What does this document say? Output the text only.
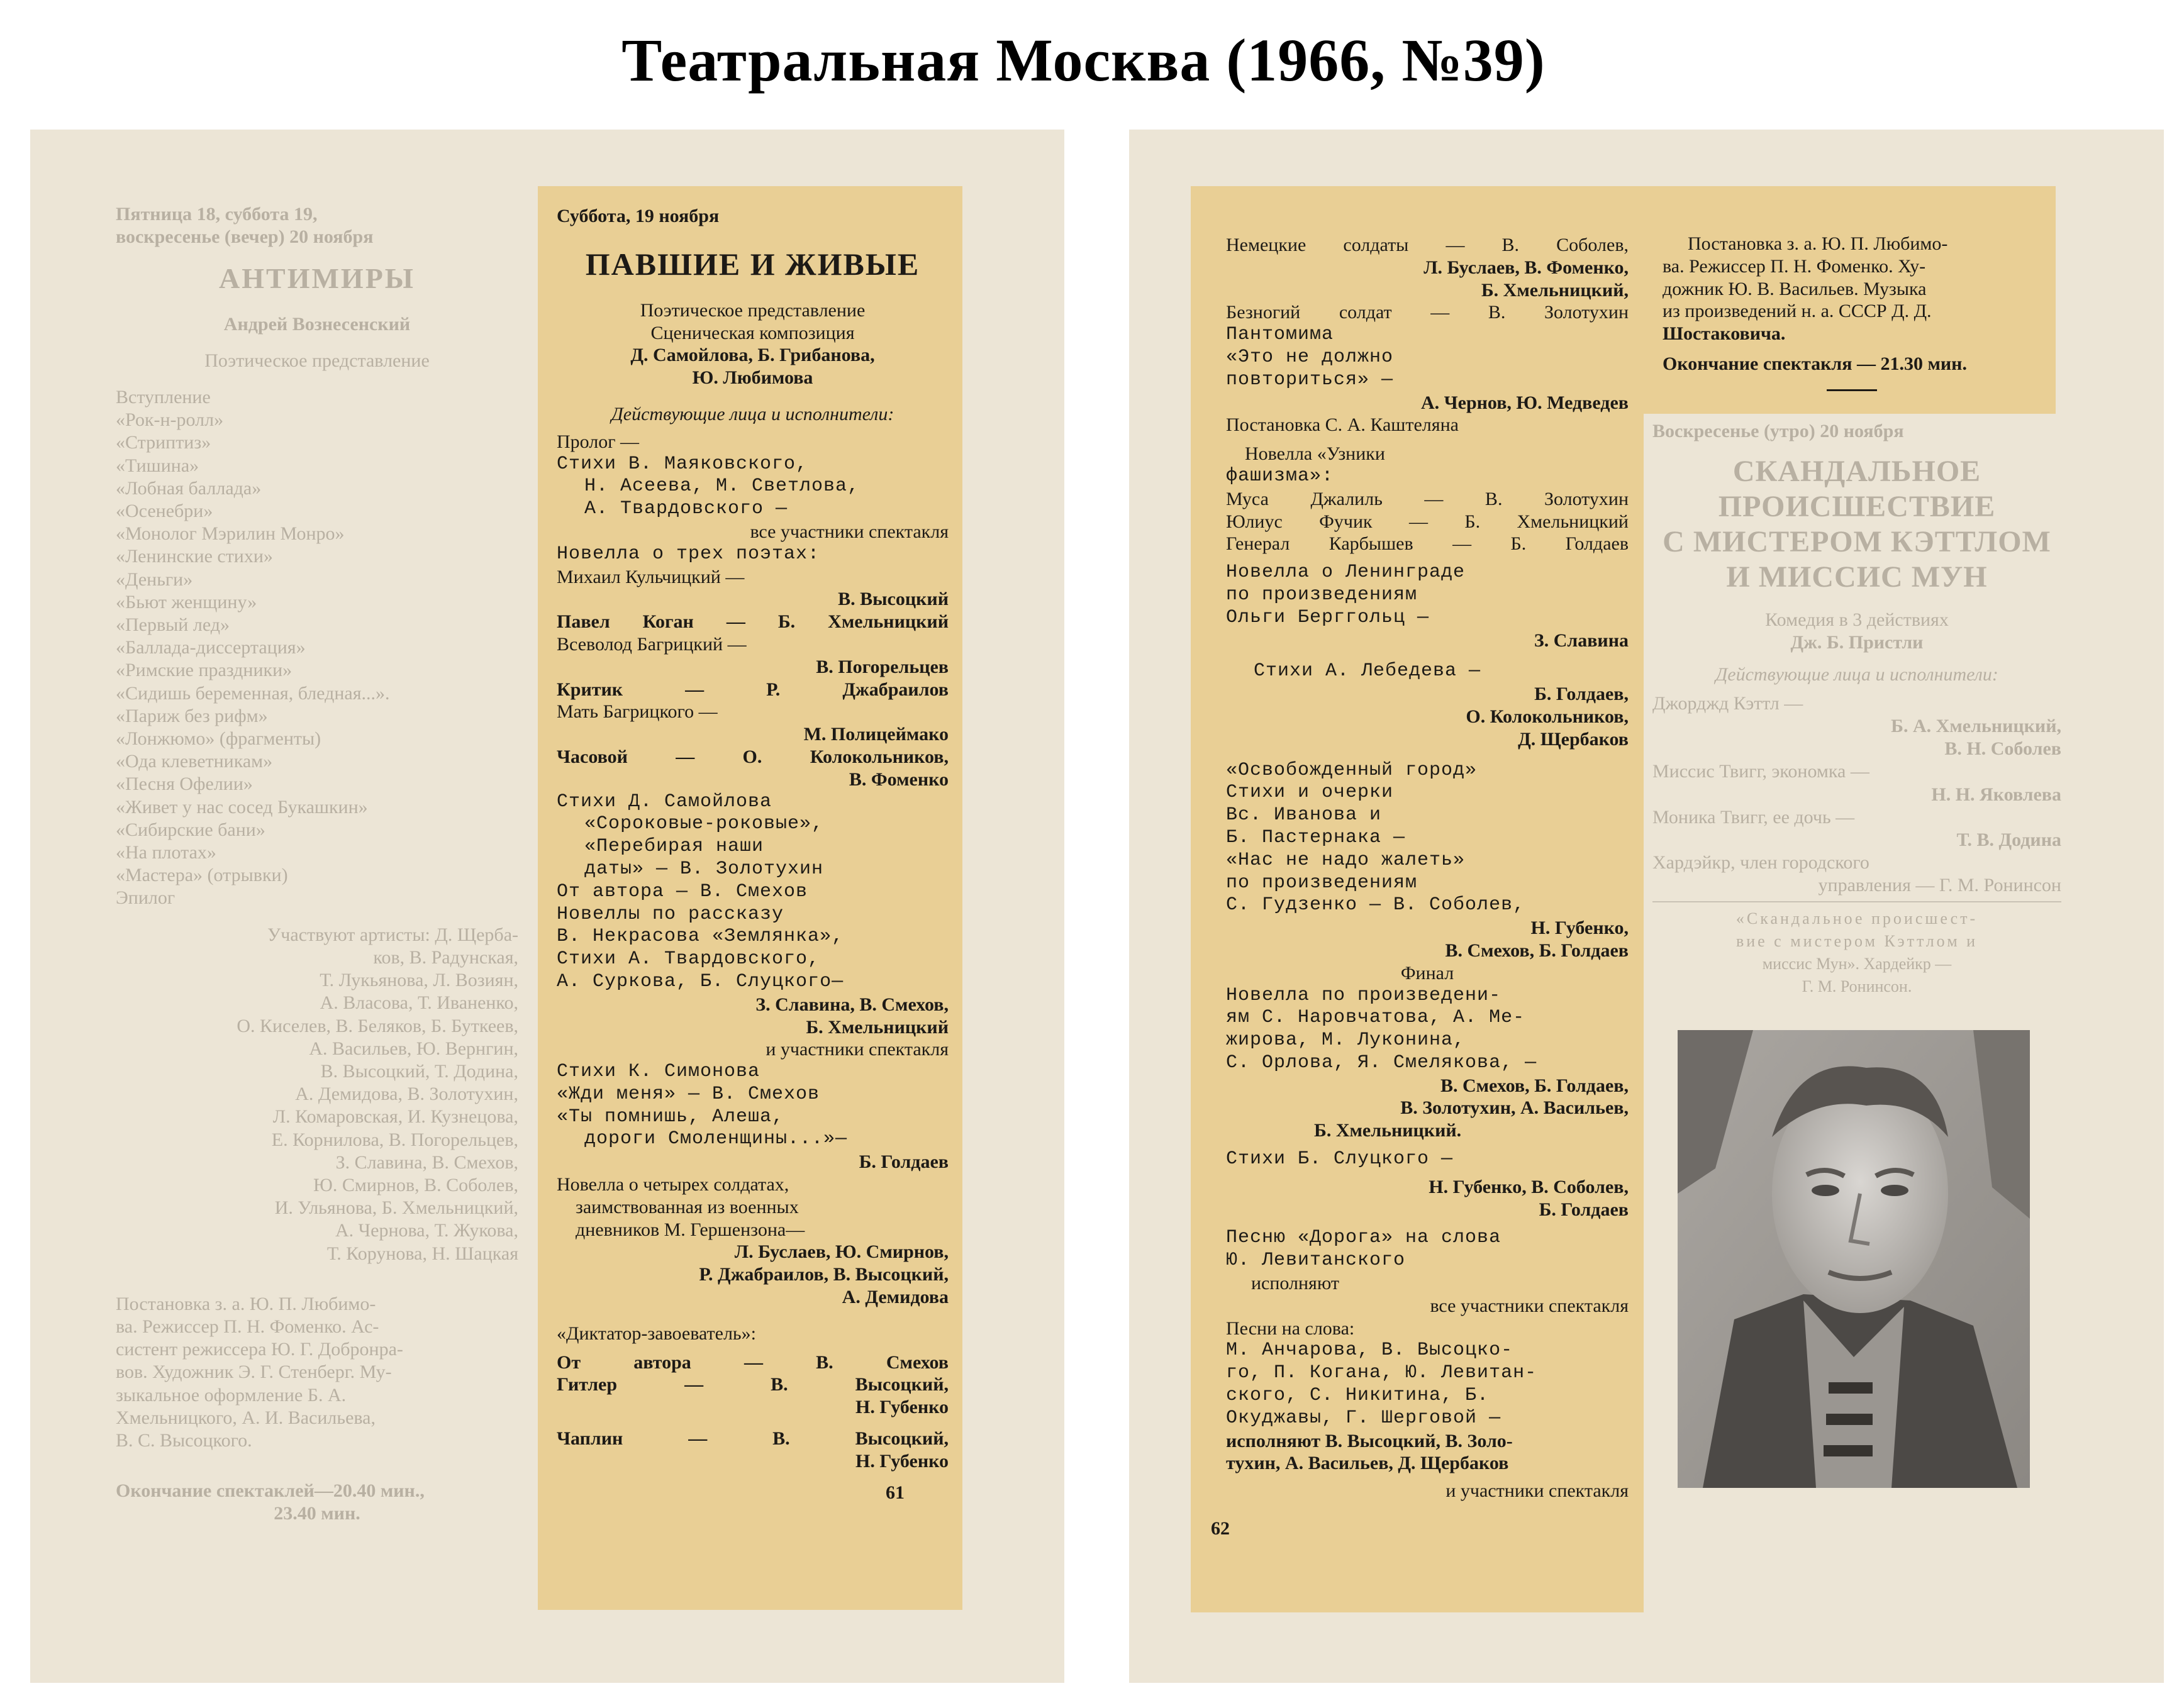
Театральная Москва (1966, №39)
Пятница 18, суббота 19,
воскресенье (вечер) 20 ноября
АНТИМИРЫ
Андрей Вознесенский
Поэтическое представление
Вступление
«Рок-н-ролл»
«Стриптиз»
«Тишина»
«Лобная баллада»
«Осенебри»
«Монолог Мэрилин Монро»
«Ленинские стихи»
«Деньги»
«Бьют женщину»
«Первый лед»
«Баллада-диссертация»
«Римские праздники»
«Сидишь беременная, бледная...».
«Париж без рифм»
«Лонжюмо» (фрагменты)
«Ода клеветникам»
«Песня Офелии»
«Живет у нас сосед Букашкин»
«Сибирские бани»
«На плотах»
«Мастера» (отрывки)
Эпилог
Участвуют артисты: Д. Щерба-
ков, В. Радунская,
Т. Лукьянова, Л. Возиян,
А. Власова, Т. Иваненко,
О. Киселев, В. Беляков, Б. Буткеев,
А. Васильев, Ю. Вернгин,
В. Высоцкий, Т. Додина,
А. Демидова, В. Золотухин,
Л. Комаровская, И. Кузнецова,
Е. Корнилова, В. Погорельцев,
З. Славина, В. Смехов,
Ю. Смирнов, В. Соболев,
И. Ульянова, Б. Хмельницкий,
А. Чернова, Т. Жукова,
Т. Корунова, Н. Шацкая
Постановка з. а. Ю. П. Любимо-
ва. Режиссер П. Н. Фоменко. Ас-
систент режиссера Ю. Г. Добронра-
вов. Художник Э. Г. Стенберг. Му-
зыкальное оформление Б. А.
Хмельницкого, А. И. Васильева,
В. С. Высоцкого.
Окончание спектаклей—20.40 мин.,
23.40 мин.
Суббота, 19 ноября
ПАВШИЕ И ЖИВЫЕ
Поэтическое представление
Сценическая композиция
Д. Самойлова, Б. Грибанова,
Ю. Любимова
Действующие лица и исполнители:
Пролог —
Стихи В. Маяковского,
Н. Асеева, М. Светлова,
А. Твардовского —
все участники спектакля
Новелла о трех поэтах:
Михаил Кульчицкий —
В. Высоцкий
Павел Коган — Б. Хмельницкий
Всеволод Багрицкий —
В. Погорельцев
Критик — Р. Джабраилов
Мать Багрицкого —
М. Полицеймако
Часовой — О. Колокольников,
В. Фоменко
Стихи Д. Самойлова
«Сороковые-роковые»,
«Перебирая наши
даты» — В. Золотухин
От автора — В. Смехов
Новеллы по рассказу
В. Некрасова «Землянка»,
Стихи А. Твардовского,
А. Суркова, Б. Слуцкого—
З. Славина, В. Смехов,
Б. Хмельницкий
и участники спектакля
Стихи К. Симонова
«Жди меня» — В. Смехов
«Ты помнишь, Алеша,
дороги Смоленщины...»—
Б. Голдаев
Новелла о четырех солдатах,
заимствованная из военных
дневников М. Гершензона—
Л. Буслаев, Ю. Смирнов,
Р. Джабраилов, В. Высоцкий,
А. Демидова
«Диктатор-завоеватель»:
От автора — В. Смехов
Гитлер — В. Высоцкий,
Н. Губенко
Чаплин — В. Высоцкий,
Н. Губенко
61
Немецкие солдаты — В. Соболев,
Л. Буслаев, В. Фоменко,
Б. Хмельницкий,
Безногий солдат — В. Золотухин
Пантомима
«Это не должно
повториться» —
А. Чернов, Ю. Медведев
Постановка С. А. Каштеляна
Новелла «Узники
фашизма»:
Муса Джалиль — В. Золотухин
Юлиус Фучик — Б. Хмельницкий
Генерал Карбышев — Б. Голдаев
Новелла о Ленинграде
по произведениям
Ольги Берггольц —
З. Славина
Стихи А. Лебедева —
Б. Голдаев,
О. Колокольников,
Д. Щербаков
«Освобожденный город»
Стихи и очерки
Вс. Иванова и
Б. Пастернака —
«Нас не надо жалеть»
по произведениям
С. Гудзенко — В. Соболев,
Н. Губенко,
В. Смехов, Б. Голдаев
Финал
Новелла по произведени-
ям С. Наровчатова, А. Ме-
жирова, М. Луконина,
С. Орлова, Я. Смелякова, —
В. Смехов, Б. Голдаев,
В. Золотухин, А. Васильев,
Б. Хмельницкий.
Стихи Б. Слуцкого —
Н. Губенко, В. Соболев,
Б. Голдаев
Песню «Дорога» на слова
Ю. Левитанского
исполняют
все участники спектакля
Песни на слова:
М. Анчарова, В. Высоцко-
го, П. Когана, Ю. Левитан-
ского, С. Никитина, Б.
Окуджавы, Г. Шерговой —
исполняют В. Высоцкий, В. Золо-
тухин, А. Васильев, Д. Щербаков
и участники спектакля
62
Постановка з. а. Ю. П. Любимо-
ва. Режиссер П. Н. Фоменко. Ху-
дожник Ю. В. Васильев. Музыка
из произведений н. а. СССР Д. Д.
Шостаковича.
Окончание спектакля — 21.30 мин.
Воскресенье (утро) 20 ноября
СКАНДАЛЬНОЕ
ПРОИСШЕСТВИЕ
С МИСТЕРОМ КЭТТЛОМ
И МИССИС МУН
Комедия в 3 действиях
Дж. Б. Пристли
Действующие лица и исполнители:
Джорджд Кэттл —
Б. А. Хмельницкий,
В. Н. Соболев
Миссис Твигг, экономка —
Н. Н. Яковлева
Моника Твигг, ее дочь —
Т. В. Додина
Хардэйкр, член городского
управления — Г. М. Ронинсон
«Скандальное происшест-
вие с мистером Кэттлом и
миссис Мун». Хардейкр —
Г. М. Ронинсон.
